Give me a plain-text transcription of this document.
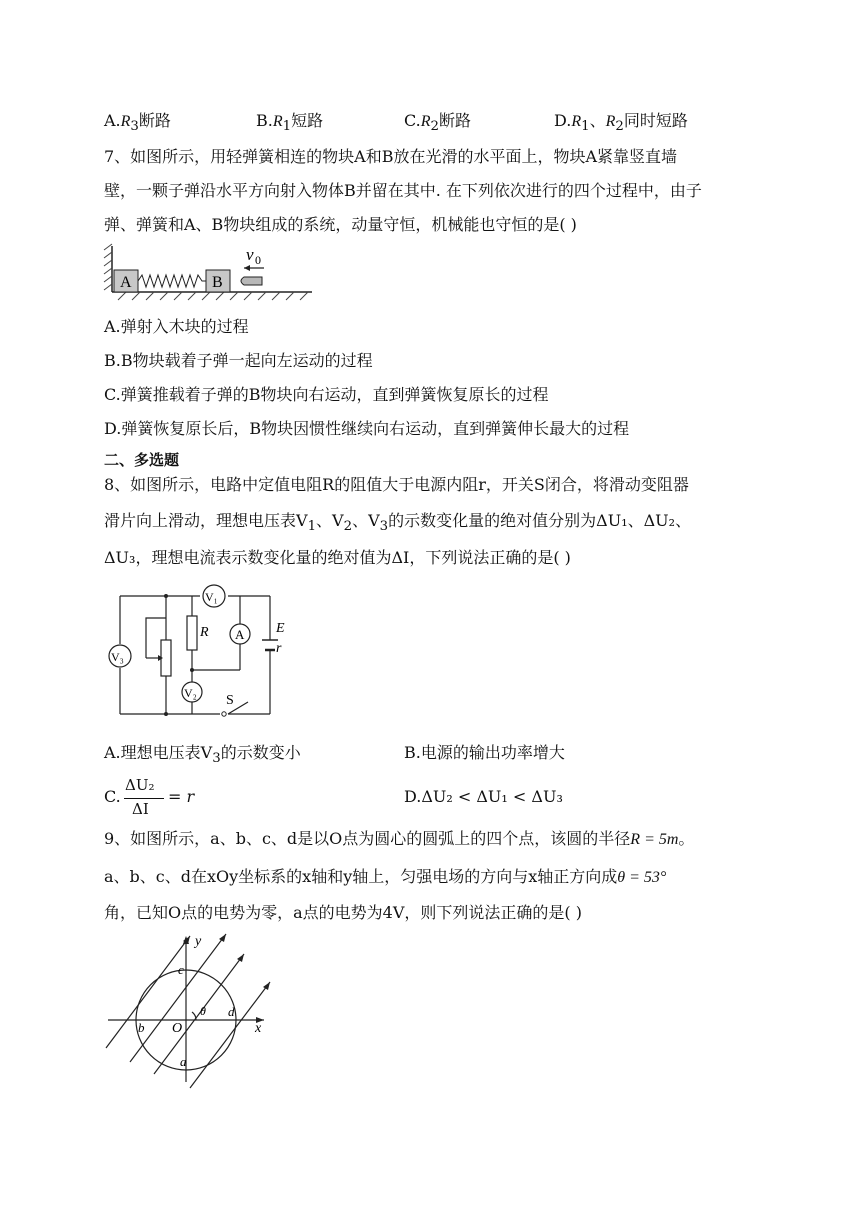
$A.R_3$断路	$B.R_1$短路	$C.R_2$断路	$D.R_1$、$R_2$同时短路
7、如图所示，用轻弹簧相连的物块A和B放在光滑的水平面上，物块A紧靠竖直墙
壁，一颗子弹沿水平方向射入物体B并留在其中. 在下列依次进行的四个过程中，由子
弹、弹簧和A、B物块组成的系统，动量守恒，机械能也守恒的是( )
A	B
v 0
A.弹射入木块的过程
B.B物块载着子弹一起向左运动的过程
C.弹簧推载着子弹的B物块向右运动，直到弹簧恢复原长的过程
D.弹簧恢复原长后，B物块因惯性继续向右运动，直到弹簧伸长最大的过程
二、多选题
8、如图所示，电路中定值电阻R的阻值大于电源内阻r，开关S闭合，将滑动变阻器
滑片向上滑动，理想电压表$V_1$、$V_2$、$V_3$的示数变化量的绝对值分别为ΔU₁、ΔU₂、
ΔU₃，理想电流表示数变化量的绝对值为ΔI，下列说法正确的是( )
V₁
A
V₃
V₂
R	E
r
S
A.理想电压表$V_3$的示数变小	B.电源的输出功率增大
C.
ΔU₂
ΔI
= r	D.ΔU₂ < ΔU₁ < ΔU₃
9、如图所示，a、b、c、d是以O点为圆心的圆弧上的四个点，该圆的半径R = 5m。
a、b、c、d在xOy坐标系的x轴和y轴上，匀强电场的方向与x轴正方向成θ = 53°
角，已知O点的电势为零，a点的电势为4V，则下列说法正确的是( )
y
x
O
θ
a
b
c
d
